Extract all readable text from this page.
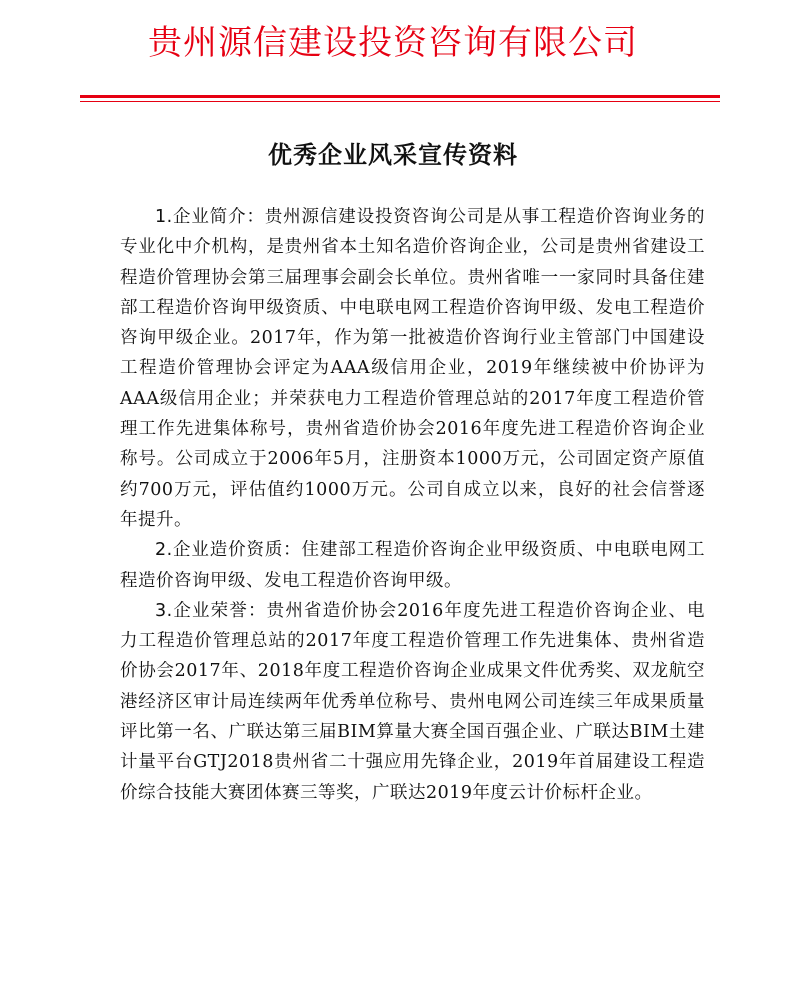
贵州源信建设投资咨询有限公司
优秀企业风采宣传资料

1.企业简介：贵州源信建设投资咨询公司是从事工程造价咨询业务的专业化中介机构，是贵州省本土知名造价咨询企业，公司是贵州省建设工程造价管理协会第三届理事会副会长单位。贵州省唯一一家同时具备住建部工程造价咨询甲级资质、中电联电网工程造价咨询甲级、发电工程造价咨询甲级企业。2017年，作为第一批被造价咨询行业主管部门中国建设工程造价管理协会评定为AAA级信用企业，2019年继续被中价协评为AAA级信用企业；并荣获电力工程造价管理总站的2017年度工程造价管理工作先进集体称号，贵州省造价协会2016年度先进工程造价咨询企业称号。公司成立于2006年5月，注册资本1000万元，公司固定资产原值约700万元，评估值约1000万元。公司自成立以来，良好的社会信誉逐年提升。

2.企业造价资质：住建部工程造价咨询企业甲级资质、中电联电网工程造价咨询甲级、发电工程造价咨询甲级。

3.企业荣誉：贵州省造价协会2016年度先进工程造价咨询企业、电力工程造价管理总站的2017年度工程造价管理工作先进集体、贵州省造价协会2017年、2018年度工程造价咨询企业成果文件优秀奖、双龙航空港经济区审计局连续两年优秀单位称号、贵州电网公司连续三年成果质量评比第一名、广联达第三届BIM算量大赛全国百强企业、广联达BIM土建计量平台GTJ2018贵州省二十强应用先锋企业，2019年首届建设工程造价综合技能大赛团体赛三等奖，广联达2019年度云计价标杆企业。
